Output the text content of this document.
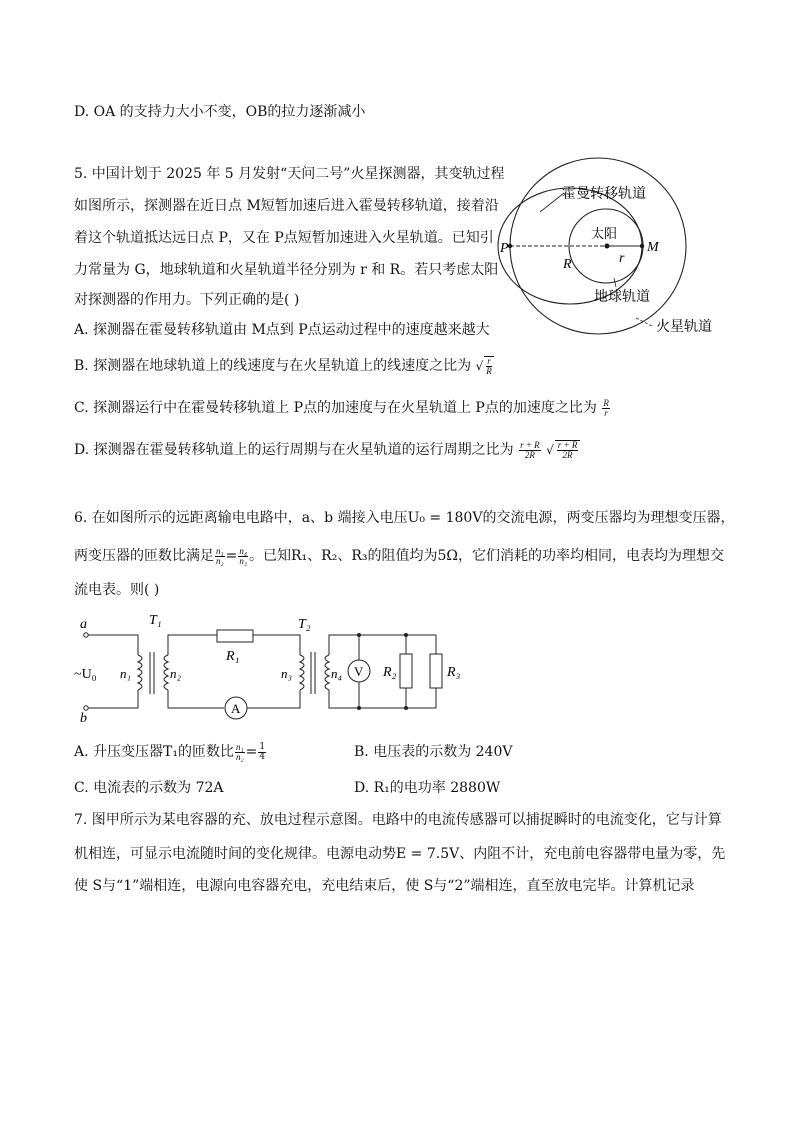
D. OA 的支持力大小不变，OB的拉力逐渐减小
5. 中国计划于 2025 年 5 月发射“天问二号”火星探测器，其变轨过程
如图所示，探测器在近日点 M短暂加速后进入霍曼转移轨道，接着沿
着这个轨道抵达远日点 P，又在 P点短暂加速进入火星轨道。已知引
力常量为 G，地球轨道和火星轨道半径分别为 r 和 R。若只考虑太阳
对探测器的作用力。下列正确的是( )
A. 探测器在霍曼转移轨道由 M点到 P点运动过程中的速度越来越大
B. 探测器在地球轨道上的线速度与在火星轨道上的线速度之比为 √ $\frac{r}{R}$
C. 探测器运行中在霍曼转移轨道上 P点的加速度与在火星轨道上 P点的加速度之比为 $\frac{R}{r}$
D. 探测器在霍曼转移轨道上的运行周期与在火星轨道的运行周期之比为 $\frac{r + R}{2R}$ √ $\frac{r + R}{2R}$
霍曼转移轨道
太阳
P	M
R	r
地球轨道
火星轨道
6. 在如图所示的远距离输电电路中，a、b 端接入电压U₀ = 180V的交流电源，两变压器均为理想变压器，
两变压器的匝数比满足 $\frac{\text{n₁}}{\text{n₂}} = \frac{\text{n₄}}{\text{n₃}}$ 。已知R₁、R₂、R₃的阻值均为5Ω，它们消耗的功率均相同，电表均为理想交
流电表。则( )
a
b
~U₀
T₁	T₂
R₁
R₂	R₃
n₁	n₂	n₃	n₄ V
A
A. 升压变压器T₁的匝数比 $\frac{\text{n₁}}{\text{n₂}} = \frac{1}{4}$	B. 电压表的示数为 240V
C. 电流表的示数为 72A	D. R₁的电功率 2880W
7. 图甲所示为某电容器的充、放电过程示意图。电路中的电流传感器可以捕捉瞬时的电流变化，它与计算
机相连，可显示电流随时间的变化规律。电源电动势E = 7.5V、内阻不计，充电前电容器带电量为零，先
使 S与“1”端相连，电源向电容器充电，充电结束后，使 S与“2”端相连，直至放电完毕。计算机记录
